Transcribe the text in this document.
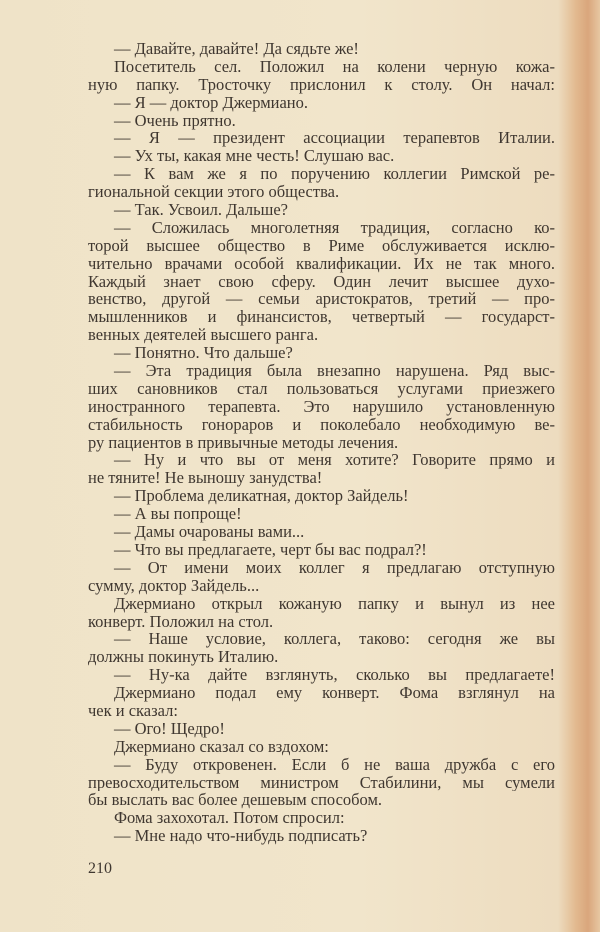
— Давайте, давайте! Да сядьте же!
Посетитель сел. Положил на колени черную кожа-
ную папку. Тросточку прислонил к столу. Он начал:
— Я — доктор Джермиано.
— Очень прятно.
— Я — президент ассоциации терапевтов Италии.
— Ух ты, какая мне честь! Слушаю вас.
— К вам же я по поручению коллегии Римской ре-
гиональной секции этого общества.
— Так. Усвоил. Дальше?
— Сложилась многолетняя традиция, согласно ко-
торой высшее общество в Риме обслуживается исклю-
чительно врачами особой квалификации. Их не так много.
Каждый знает свою сферу. Один лечит высшее духо-
венство, другой — семьи аристократов, третий — про-
мышленников и финансистов, четвертый — государст-
венных деятелей высшего ранга.
— Понятно. Что дальше?
— Эта традиция была внезапно нарушена. Ряд выс-
ших сановников стал пользоваться услугами приезжего
иностранного терапевта. Это нарушило установленную
стабильность гонораров и поколебало необходимую ве-
ру пациентов в привычные методы лечения.
— Ну и что вы от меня хотите? Говорите прямо и
не тяните! Не выношу занудства!
— Проблема деликатная, доктор Зайдель!
— А вы попроще!
— Дамы очарованы вами...
— Что вы предлагаете, черт бы вас подрал?!
— От имени моих коллег я предлагаю отступную
сумму, доктор Зайдель...
Джермиано открыл кожаную папку и вынул из нее
конверт. Положил на стол.
— Наше условие, коллега, таково: сегодня же вы
должны покинуть Италию.
— Ну-ка дайте взглянуть, сколько вы предлагаете!
Джермиано подал ему конверт. Фома взглянул на
чек и сказал:
— Ого! Щедро!
Джермиано сказал со вздохом:
— Буду откровенен. Если б не ваша дружба с его
превосходительством министром Стабилини, мы сумели
бы выслать вас более дешевым способом.
Фома захохотал. Потом спросил:
— Мне надо что-нибудь подписать?
210
